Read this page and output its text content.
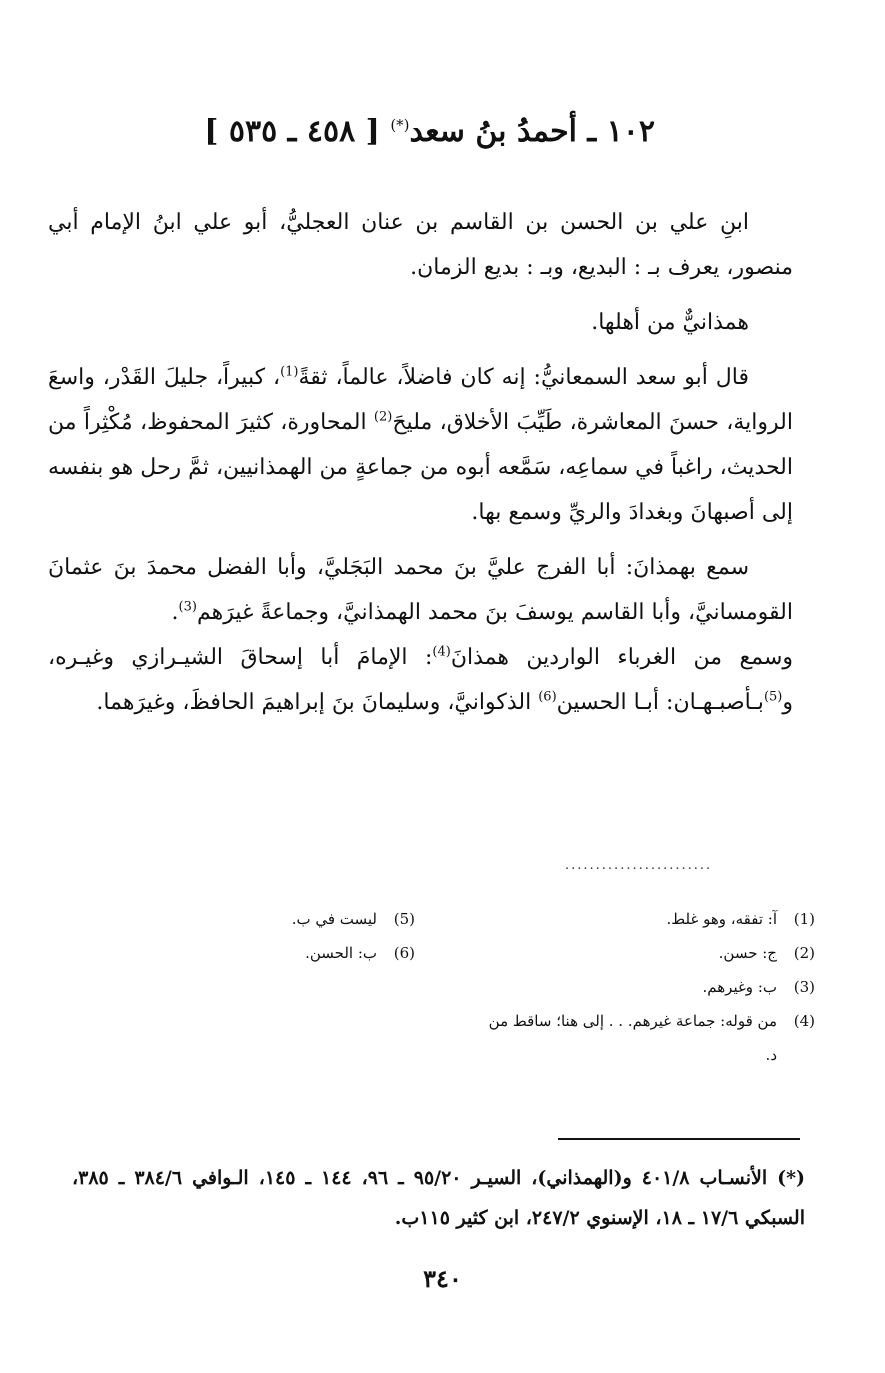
١٠٢ ـ أحمدُ بنُ سعد(*) [ ٤٥٨ ـ ٥٣٥ ]

ابنِ علي بن الحسن بن القاسم بن عنان العجليُّ، أبو علي ابنُ الإمام أبي منصور، يعرف بـ : البديع، وبـ : بديع الزمان.

همذانيٌّ من أهلها.

قال أبو سعد السمعانيُّ: إنه كان فاضلاً، عالماً، ثقةً$^{(1)}$، كبيراً، جليلَ القَدْر، واسعَ الرواية، حسنَ المعاشرة، طَيِّبَ الأخلاق، مليحَ$^{(2)}$ المحاورة، كثيرَ المحفوظ، مُكْثِراً من الحديث، راغباً في سماعِه، سَمَّعه أبوه من جماعةٍ من الهمذانيين، ثمَّ رحل هو بنفسه إلى أصبهانَ وبغدادَ والريِّ وسمع بها.

سمع بهمذانَ: أبا الفرج عليَّ بنَ محمد البَجَليَّ، وأبا الفضل محمدَ بنَ عثمانَ القومسانيَّ، وأبا القاسم يوسفَ بنَ محمد الهمذانيَّ، وجماعةً غيرَهم$^{(3)}$.

وسمع من الغرباء الواردين همذانَ$^{(4)}$: الإمامَ أبا إسحاقَ الشيـرازي وغيـره، و$^{(5)}$بـأصبـهـان: أبـا الحسين$^{(6)}$ الذكوانيَّ، وسليمانَ بنَ إبراهيمَ الحافظَ، وغيرَهما.

........................
(1)
آ: تفقه، وهو غلط.
(2)
ج: حسن.
(3)
ب: وغيرهم.
(4)
من قوله: جماعة غيرهم. . . إلى هنا؛ ساقط من د.
(5)
ليست في ب.
(6)
ب: الحسن.
(*) الأنسـاب ٤٠١/٨ و(الهمذاني)، السيـر ٩٥/٢٠ ـ ٩٦، ١٤٤ ـ ١٤٥، الـوافي ٣٨٤/٦ ـ ٣٨٥، السبكي ١٧/٦ ـ ١٨، الإسنوي ٢٤٧/٢، ابن كثير ١١٥ب.
٣٤٠
